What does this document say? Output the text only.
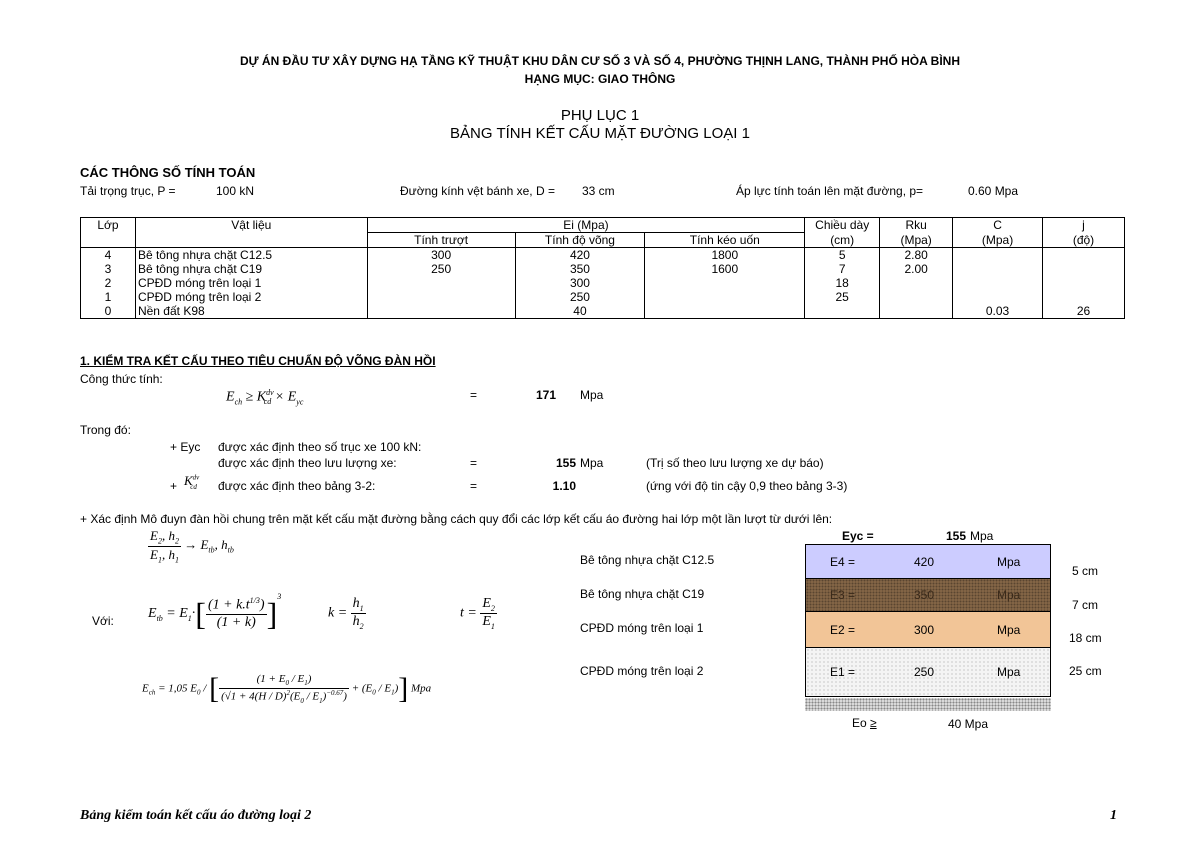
DỰ ÁN ĐẦU TƯ XÂY DỰNG HẠ TẦNG KỸ THUẬT KHU DÂN CƯ SỐ 3 VÀ SỐ 4, PHƯỜNG THỊNH LANG, THÀNH PHỐ HÒA BÌNH
HẠNG MỤC: GIAO THÔNG
PHỤ LỤC 1
BẢNG TÍNH KẾT CẤU MẶT ĐƯỜNG LOẠI 1
CÁC THÔNG SỐ TÍNH TOÁN
Tải trọng trục, P =	100 kN	Đường kính vệt bánh xe, D = 33 cm	Áp lực tính toán lên mặt đường, p=	0.60 Mpa
Lớp	Vật liệu	Ei (Mpa)			Chiều dày	Rku	C	j
		Tính trượt	Tính độ võng	Tính kéo uốn	(cm)	(Mpa)	(Mpa)	(độ)
4	Bê tông nhựa chặt C12.5	300	420	1800	5	2.80		
3	Bê tông nhựa chặt C19	250	350	1600	7	2.00		
2	CPĐD móng trên loại 1		300		18			
1	CPĐD móng trên loại 2		250		25			
0	Nền đất K98		40				0.03	26
1. KIỂM TRA KẾT CẤU THEO TIÊU CHUẨN ĐỘ VÕNG ĐÀN HỒI
Công thức tính:
$E_{ch} \ge K^{dv}_{cd} \times E_{yc}$	=	171 Mpa
Trong đó:
+ Eyc được xác định theo số trục xe 100 kN:
được xác định theo lưu lượng xe:	=	155 Mpa	(Trị số theo lưu lượng xe dự báo)
+ $K^{dv}_{cd}$ được xác định theo bảng 3-2:	=	1.10	(ứng với độ tin cậy 0,9 theo bảng 3-3)
+ Xác định Mô đuyn đàn hồi chung trên mặt kết cấu mặt đường bằng cách quy đổi các lớp kết cấu áo đường hai lớp một lần lượt từ dưới lên:
$\frac{E_2, h_2}{E_1, h_1} \to E_{tb}$, $h_{tb}$
Với: $E_{tb} = E_1\cdot[ \frac{(1 + k.t^{1/3})}{(1 + k)} ]^3$
$k = \frac{h_1}{h_2}$	$t = \frac{E_2}{E_1}$
$E_{ch} = 1,05$ $E_0$ / [ $\frac{(1 + E_0 / E_1)}{(√1 + 4(H / D)^2(E_0 / E_1)^{-0.67})} + (E_0 / E_1)$] Mpa
Eyc =	155 Mpa
Bê tông nhựa chặt C12.5
Bê tông nhựa chặt C19
CPĐD móng trên loại 1
CPĐD móng trên loại 2
E4 =	420	Mpa
E3 =	350	Mpa
E2 =	300	Mpa
E1 =	250	Mpa
5 cm
7 cm
18 cm
25 cm
Eo ≥	40 Mpa
Bảng kiểm toán kết cấu áo đường loại 2	1
